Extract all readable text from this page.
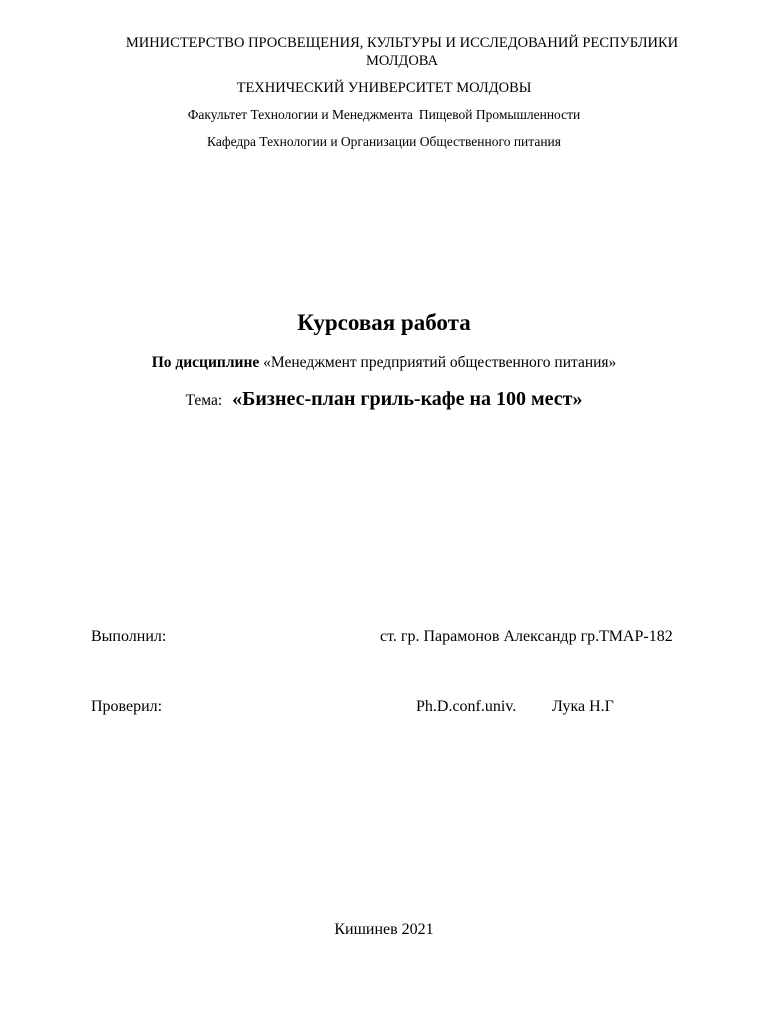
МИНИСТЕРСТВО ПРОСВЕЩЕНИЯ, КУЛЬТУРЫ И ИССЛЕДОВАНИЙ РЕСПУБЛИКИ МОЛДОВА
ТЕХНИЧЕСКИЙ УНИВЕРСИТЕТ МОЛДОВЫ
Факультет Технологии и Менеджмента Пищевой Промышленности
Кафедра Технологии и Организации Общественного питания
Курсовая работа
По дисциплине «Менеджмент предприятий общественного питания»
Тема: «Бизнес-план гриль-кафе на 100 мест»
Выполнил:	ст. гр. Парамонов Александр гр.ТМАР-182
Проверил:	Ph.D.conf.univ. Лука Н.Г
Кишинев 2021
